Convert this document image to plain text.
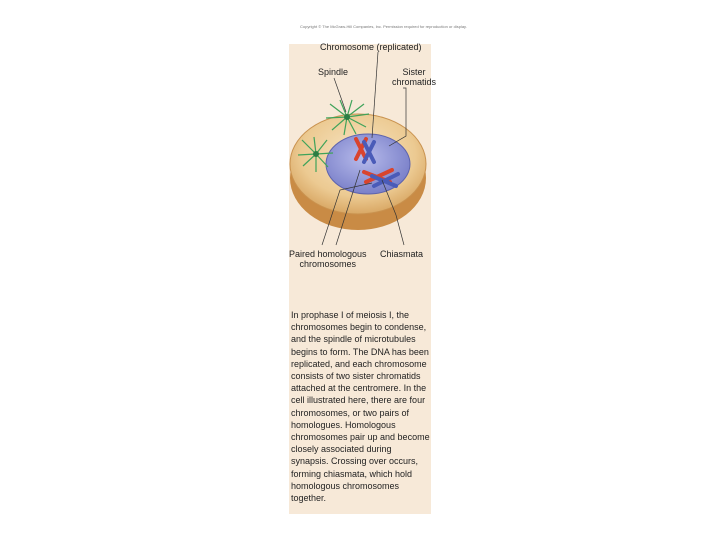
Copyright © The McGraw-Hill Companies, Inc. Permission required for reproduction or display.
Chromosome (replicated)
Spindle	Sister
chromatids
Paired homologous
chromosomes
Chiasmata
In prophase I of meiosis I, the chromosomes begin to condense, and the spindle of microtubules begins to form. The DNA has been replicated, and each chromosome consists of two sister chromatids attached at the centromere. In the cell illustrated here, there are four chromosomes, or two pairs of homologues. Homologous chromosomes pair up and become closely associated during synapsis. Crossing over occurs, forming chiasmata, which hold homologous chromosomes together.
